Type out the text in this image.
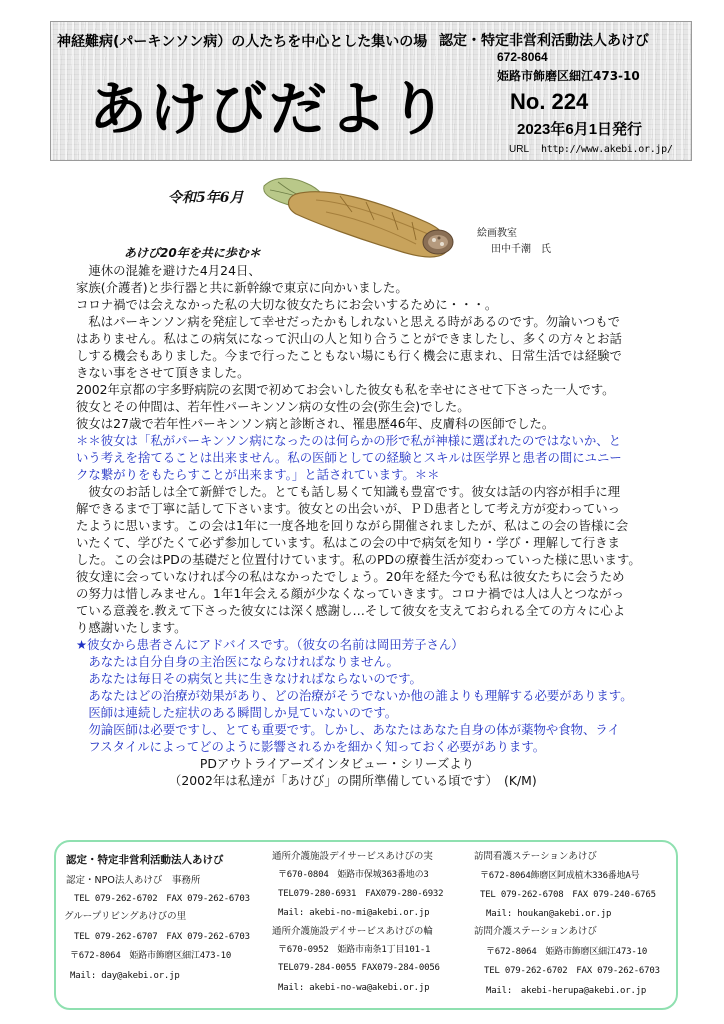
神経難病(パーキンソン病）の人たちを中心とした集いの場
あけびだより
認定・特定非営利活動法人あけび
672-8064
姫路市飾磨区細江473-10
No. 224
2023年6月1日発行
URL http://www.akebi.or.jp/
令和5年6月
絵画教室
田中千潮　氏
あけび20年を共に歩む＊
　連休の混雑を避けた4月24日、
家族(介護者)と歩行器と共に新幹線で東京に向かいました。
コロナ禍では会えなかった私の大切な彼女たちにお会いするために・・・。
　私はパーキンソン病を発症して幸せだったかもしれないと思える時があるのです。勿論いつもで
はありません。私はこの病気になって沢山の人と知り合うことができましたし、多くの方々とお話
しする機会もありました。今まで行ったこともない場にも行く機会に恵まれ、日常生活では経験で
きない事をさせて頂きました。
2002年京都の宇多野病院の玄関で初めてお会いした彼女も私を幸せにさせて下さった一人です。
彼女とその仲間は、若年性パーキンソン病の女性の会(弥生会)でした。
彼女は27歳で若年性パーキンソン病と診断され、罹患歴46年、皮膚科の医師でした。
＊＊彼女は「私がパーキンソン病になったのは何らかの形で私が神様に選ばれたのではないか、と
いう考えを捨てることは出来ません。私の医師としての経験とスキルは医学界と患者の間にユニー
クな繋がりをもたらすことが出来ます。」と話されています。＊＊
　彼女のお話しは全て新鮮でした。とても話し易くて知識も豊富です。彼女は話の内容が相手に理
解できるまで丁寧に話して下さいます。彼女との出会いが、ＰＤ患者として考え方が変わっていっ
たように思います。この会は1年に一度各地を回りながら開催されましたが、私はこの会の皆様に会
いたくて、学びたくて必ず参加しています。私はこの会の中で病気を知り・学び・理解して行きま
した。この会はPDの基礎だと位置付けています。私のPDの療養生活が変わっていった様に思います。
彼女達に会っていなければ今の私はなかったでしょう。20年を経た今でも私は彼女たちに会うため
の努力は惜しみません。1年1年会える顔が少なくなっていきます。コロナ禍では人は人とつながっ
ている意義を.教えて下さった彼女には深く感謝し…そして彼女を支えておられる全ての方々に心よ
り感謝いたします。
★彼女から患者さんにアドバイスです。（彼女の名前は岡田芳子さん）
　あなたは自分自身の主治医にならなければなりません。
　あなたは毎日その病気と共に生きなければならないのです。
　あなたはどの治療が効果があり、どの治療がそうでないか他の誰よりも理解する必要があります。
　医師は連続した症状のある瞬間しか見ていないのです。
　勿論医師は必要ですし、とても重要です。しかし、あなたはあなた自身の体が薬物や食物、ライ
　フスタイルによってどのように影響されるかを細かく知っておく必要があります。
　　　　　　　　　　PDアウトライアーズインタビュー・シリーズより
　　　　　　　　（2002年は私達が「あけび」の開所準備している頃です）　(K/M)
認定・特定非営利活動法人あけび
認定・NPO法人あけび　事務所
TEL 079-262-6702　FAX 079-262-6703
グループリビングあけびの里
TEL 079-262-6707　FAX 079-262-6703
〒672-8064　姫路市飾磨区細江473-10
Mail: day@akebi.or.jp
通所介護施設デイサービスあけびの実
〒670-0804　姫路市保城363番地の3
TEL079-280-6931　FAX079-280-6932
Mail: akebi-no-mi@akebi.or.jp
通所介護施設デイサービスあけびの輪
〒670-0952　姫路市南条1丁目101-1
TEL079-284-0055 FAX079-284-0056
Mail: akebi-no-wa@akebi.or.jp
訪問看護ステーションあけび
〒672-8064飾磨区阿成植木336番地A号
TEL 079-262-6708　FAX 079-240-6765
Mail: houkan@akebi.or.jp
訪問介護ステーションあけび
〒672-8064　姫路市飾磨区細江473-10
TEL 079-262-6702　FAX 079-262-6703
Mail:　akebi-herupa@akebi.or.jp
